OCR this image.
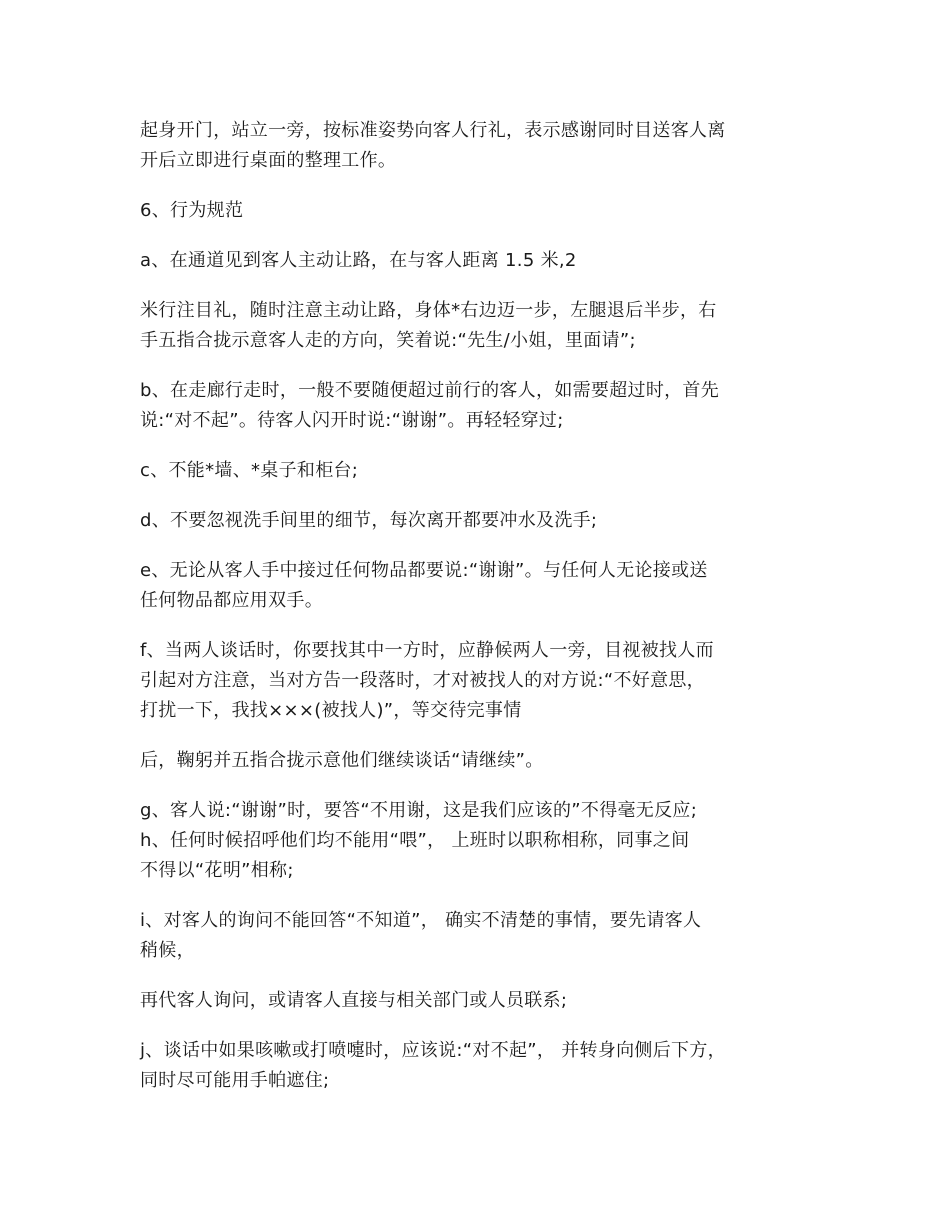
起身开门，站立一旁，按标准姿势向客人行礼，表示感谢同时目送客人离
开后立即进行桌面的整理工作。
6、行为规范
a、在通道见到客人主动让路，在与客人距离 1.5 米,2
米行注目礼，随时注意主动让路，身体*右边迈一步，左腿退后半步，右
手五指合拢示意客人走的方向，笑着说:“先生/小姐，里面请”;
b、在走廊行走时，一般不要随便超过前行的客人，如需要超过时，首先
说:“对不起”。待客人闪开时说:“谢谢”。再轻轻穿过;
c、不能*墙、*桌子和柜台;
d、不要忽视洗手间里的细节，每次离开都要冲水及洗手;
e、无论从客人手中接过任何物品都要说:“谢谢”。与任何人无论接或送
任何物品都应用双手。
f、当两人谈话时，你要找其中一方时，应静候两人一旁，目视被找人而
引起对方注意，当对方告一段落时，才对被找人的对方说:“不好意思，
打扰一下，我找×××(被找人)”，等交待完事情
后，鞠躬并五指合拢示意他们继续谈话“请继续”。
g、客人说:“谢谢”时，要答“不用谢，这是我们应该的”不得毫无反应;
h、任何时候招呼他们均不能用“喂”， 上班时以职称相称，同事之间
不得以“花明”相称;
i、对客人的询问不能回答“不知道”， 确实不清楚的事情，要先请客人
稍候，
再代客人询问，或请客人直接与相关部门或人员联系;
j、谈话中如果咳嗽或打喷嚏时，应该说:“对不起”， 并转身向侧后下方，
同时尽可能用手帕遮住;
